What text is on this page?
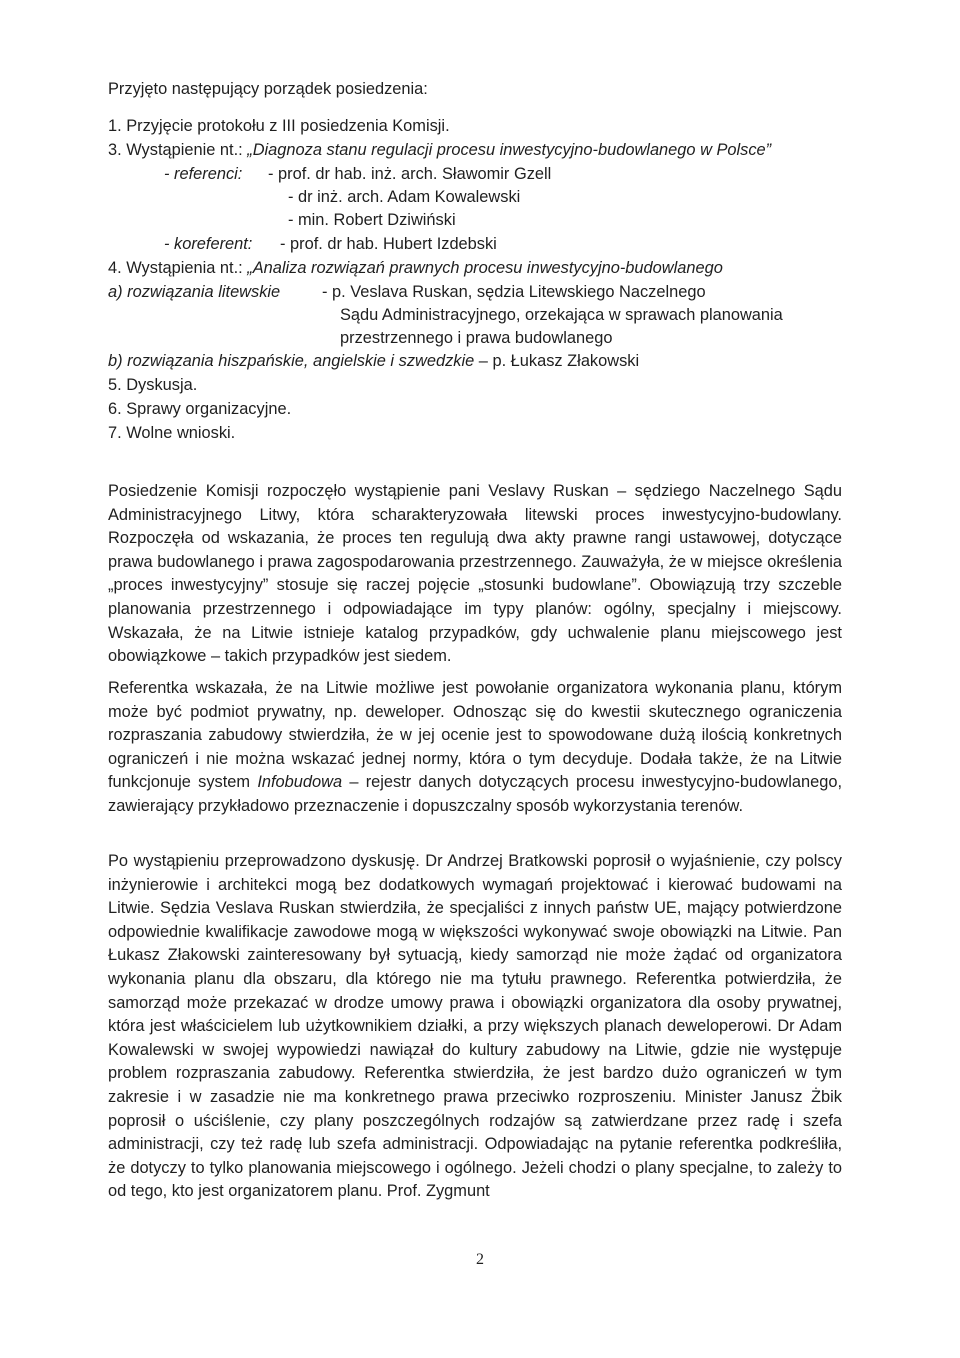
Przyjęto następujący porządek posiedzenia:
1. Przyjęcie protokołu z III posiedzenia Komisji.
3. Wystąpienie nt.: „Diagnoza stanu regulacji procesu inwestycyjno-budowlanego w Polsce”
- referenci: - prof. dr hab. inż. arch. Sławomir Gzell
- dr inż. arch. Adam Kowalewski
- min. Robert Dziwiński
- koreferent: - prof. dr hab. Hubert Izdebski
4. Wystąpienia nt.: „Analiza rozwiązań prawnych procesu inwestycyjno-budowlanego
a) rozwiązania litewskie	- p. Veslava Ruskan, sędzia Litewskiego Naczelnego
Sądu Administracyjnego, orzekająca w sprawach planowania
przestrzennego i prawa budowlanego
b) rozwiązania hiszpańskie, angielskie i szwedzkie – p. Łukasz Złakowski
5. Dyskusja.
6. Sprawy organizacyjne.
7. Wolne wnioski.
Posiedzenie Komisji rozpoczęło wystąpienie pani Veslavy Ruskan – sędziego Naczelnego Sądu Administracyjnego Litwy, która scharakteryzowała litewski proces inwestycyjno-budowlany. Rozpoczęła od wskazania, że proces ten regulują dwa akty prawne rangi ustawowej, dotyczące prawa budowlanego i prawa zagospodarowania przestrzennego. Zauważyła, że w miejsce określenia „proces inwestycyjny” stosuje się raczej pojęcie „stosunki budowlane”. Obowiązują trzy szczeble planowania przestrzennego i odpowiadające im typy planów: ogólny, specjalny i miejscowy. Wskazała, że na Litwie istnieje katalog przypadków, gdy uchwalenie planu miejscowego jest obowiązkowe – takich przypadków jest siedem.
Referentka wskazała, że na Litwie możliwe jest powołanie organizatora wykonania planu, którym może być podmiot prywatny, np. deweloper. Odnosząc się do kwestii skutecznego ograniczenia rozpraszania zabudowy stwierdziła, że w jej ocenie jest to spowodowane dużą ilością konkretnych ograniczeń i nie można wskazać jednej normy, która o tym decyduje. Dodała także, że na Litwie funkcjonuje system Infobudowa – rejestr danych dotyczących procesu inwestycyjno-budowlanego, zawierający przykładowo przeznaczenie i dopuszczalny sposób wykorzystania terenów.
Po wystąpieniu przeprowadzono dyskusję. Dr Andrzej Bratkowski poprosił o wyjaśnienie, czy polscy inżynierowie i architekci mogą bez dodatkowych wymagań projektować i kierować budowami na Litwie. Sędzia Veslava Ruskan stwierdziła, że specjaliści z innych państw UE, mający potwierdzone odpowiednie kwalifikacje zawodowe mogą w większości wykonywać swoje obowiązki na Litwie. Pan Łukasz Złakowski zainteresowany był sytuacją, kiedy samorząd nie może żądać od organizatora wykonania planu dla obszaru, dla którego nie ma tytułu prawnego. Referentka potwierdziła, że samorząd może przekazać w drodze umowy prawa i obowiązki organizatora dla osoby prywatnej, która jest właścicielem lub użytkownikiem działki, a przy większych planach deweloperowi. Dr Adam Kowalewski w swojej wypowiedzi nawiązał do kultury zabudowy na Litwie, gdzie nie występuje problem rozpraszania zabudowy. Referentka stwierdziła, że jest bardzo dużo ograniczeń w tym zakresie i w zasadzie nie ma konkretnego prawa przeciwko rozproszeniu. Minister Janusz Żbik poprosił o uściślenie, czy plany poszczególnych rodzajów są zatwierdzane przez radę i szefa administracji, czy też radę lub szefa administracji. Odpowiadając na pytanie referentka podkreśliła, że dotyczy to tylko planowania miejscowego i ogólnego. Jeżeli chodzi o plany specjalne, to zależy to od tego, kto jest organizatorem planu. Prof. Zygmunt
2
